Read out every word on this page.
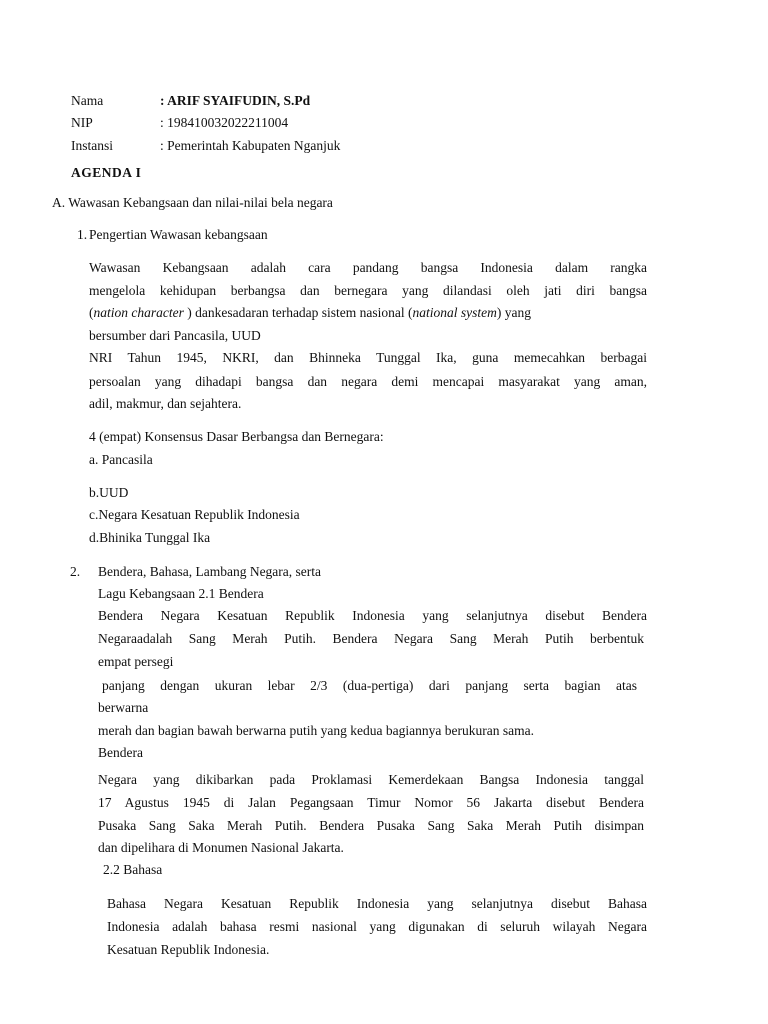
Nama	: ARIF SYAIFUDIN, S.Pd
NIP	: 198410032022211004
Instansi	: Pemerintah Kabupaten Nganjuk
AGENDA I
A. Wawasan Kebangsaan dan nilai-nilai bela negara
1. Pengertian Wawasan kebangsaan
Wawasan Kebangsaan adalah cara pandang bangsa Indonesia dalam rangka
mengelola kehidupan berbangsa dan bernegara yang dilandasi oleh jati diri bangsa
(nation character ) dankesadaran terhadap sistem nasional (national system) yang
bersumber dari Pancasila, UUD
NRI Tahun 1945, NKRI, dan Bhinneka Tunggal Ika, guna memecahkan berbagai
persoalan yang dihadapi bangsa dan negara demi mencapai masyarakat yang aman,
adil, makmur, dan sejahtera.
4 (empat) Konsensus Dasar Berbangsa dan Bernegara:
a. Pancasila
b.UUD
c.Negara Kesatuan Republik Indonesia
d.Bhinika Tunggal Ika
2. Bendera, Bahasa, Lambang Negara, serta
Lagu Kebangsaan 2.1 Bendera
Bendera Negara Kesatuan Republik Indonesia yang selanjutnya disebut Bendera
Negaraadalah Sang Merah Putih. Bendera Negara Sang Merah Putih berbentuk
empat persegi
panjang dengan ukuran lebar 2/3 (dua-pertiga) dari panjang serta bagian atas
berwarna
merah dan bagian bawah berwarna putih yang kedua bagiannya berukuran sama.
Bendera
Negara yang dikibarkan pada Proklamasi Kemerdekaan Bangsa Indonesia tanggal
17 Agustus 1945 di Jalan Pegangsaan Timur Nomor 56 Jakarta disebut Bendera
Pusaka Sang Saka Merah Putih. Bendera Pusaka Sang Saka Merah Putih disimpan
dan dipelihara di Monumen Nasional Jakarta.
2.2 Bahasa
Bahasa Negara Kesatuan Republik Indonesia yang selanjutnya disebut Bahasa
Indonesia adalah bahasa resmi nasional yang digunakan di seluruh wilayah Negara
Kesatuan Republik Indonesia.
